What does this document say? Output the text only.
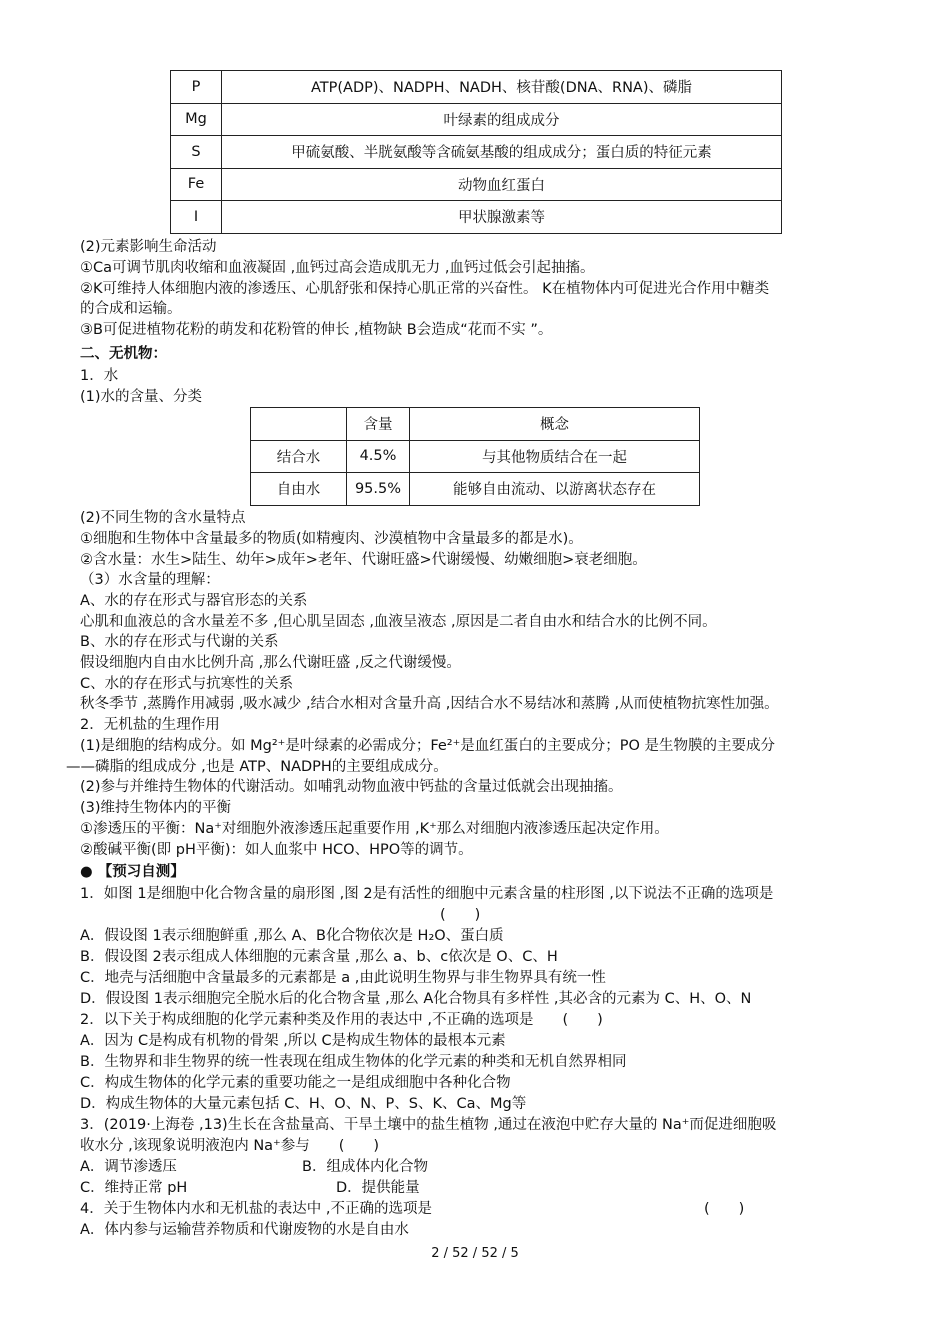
P	ATP(ADP)、NADPH、NADH、核苷酸(DNA、RNA)、磷脂
Mg	叶绿素的组成成分
S	甲硫氨酸、半胱氨酸等含硫氨基酸的组成成分；蛋白质的特征元素
Fe	动物血红蛋白
I	甲状腺激素等
(2)元素影响生命活动
①Ca可调节肌肉收缩和血液凝固 ,血钙过高会造成肌无力 ,血钙过低会引起抽搐。
②K可维持人体细胞内液的渗透压、心肌舒张和保持心肌正常的兴奋性。 K在植物体内可促进光合作用中糖类
的合成和运输。
③B可促进植物花粉的萌发和花粉管的伸长 ,植物缺 B会造成“花而不实 ”。
二、无机物：
1．水
(1)水的含量、分类
	含量	概念
结合水	4.5%	与其他物质结合在一起
自由水	95.5%	能够自由流动、以游离状态存在
(2)不同生物的含水量特点
①细胞和生物体中含量最多的物质(如精瘦肉、沙漠植物中含量最多的都是水)。
②含水量：水生>陆生、幼年>成年>老年、代谢旺盛>代谢缓慢、幼嫩细胞>衰老细胞。
（3）水含量的理解：
A、水的存在形式与器官形态的关系
心肌和血液总的含水量差不多 ,但心肌呈固态 ,血液呈液态 ,原因是二者自由水和结合水的比例不同。
B、水的存在形式与代谢的关系
假设细胞内自由水比例升高 ,那么代谢旺盛 ,反之代谢缓慢。
C、水的存在形式与抗寒性的关系
秋冬季节 ,蒸腾作用减弱 ,吸水减少 ,结合水相对含量升高 ,因结合水不易结冰和蒸腾 ,从而使植物抗寒性加强。
2．无机盐的生理作用
(1)是细胞的结构成分。如 Mg²⁺是叶绿素的必需成分；Fe²⁺是血红蛋白的主要成分；PO 是生物膜的主要成分
——磷脂的组成成分 ,也是 ATP、NADPH的主要组成成分。
(2)参与并维持生物体的代谢活动。如哺乳动物血液中钙盐的含量过低就会出现抽搐。
(3)维持生物体内的平衡
①渗透压的平衡：Na⁺对细胞外液渗透压起重要作用 ,K⁺那么对细胞内液渗透压起决定作用。
②酸碱平衡(即 pH平衡)：如人血浆中 HCO、HPO等的调节。
● 【预习自测】
1．如图 1是细胞中化合物含量的扇形图 ,图 2是有活性的细胞中元素含量的柱形图 ,以下说法不正确的选项是
(　　)
A．假设图 1表示细胞鲜重 ,那么 A、B化合物依次是 H₂O、蛋白质
B．假设图 2表示组成人体细胞的元素含量 ,那么 a、b、c依次是 O、C、H
C．地壳与活细胞中含量最多的元素都是 a ,由此说明生物界与非生物界具有统一性
D．假设图 1表示细胞完全脱水后的化合物含量 ,那么 A化合物具有多样性 ,其必含的元素为 C、H、O、N
2．以下关于构成细胞的化学元素种类及作用的表达中 ,不正确的选项是　　(　　)
A．因为 C是构成有机物的骨架 ,所以 C是构成生物体的最根本元素
B．生物界和非生物界的统一性表现在组成生物体的化学元素的种类和无机自然界相同
C．构成生物体的化学元素的重要功能之一是组成细胞中各种化合物
D．构成生物体的大量元素包括 C、H、O、N、P、S、K、Ca、Mg等
3．(2019·上海卷 ,13)生长在含盐量高、干旱土壤中的盐生植物 ,通过在液泡中贮存大量的 Na⁺而促进细胞吸
收水分 ,该现象说明液泡内 Na⁺参与　　(　　)
A．调节渗透压	B．组成体内化合物
C．维持正常 pH	D．提供能量
4．关于生物体内水和无机盐的表达中 ,不正确的选项是	(　　)
A．体内参与运输营养物质和代谢废物的水是自由水
2 / 52 / 52 / 5
